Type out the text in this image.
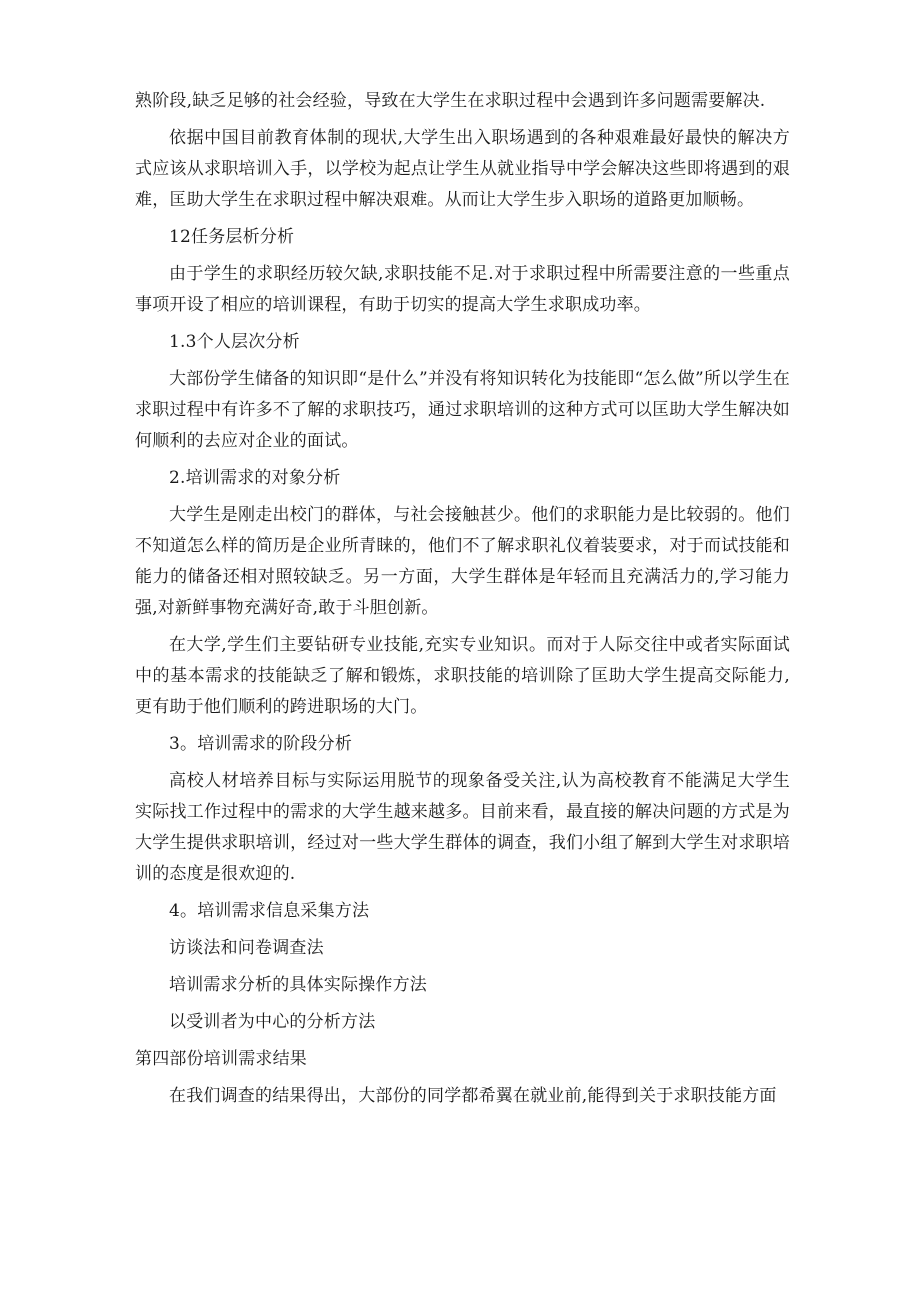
熟阶段,缺乏足够的社会经验，导致在大学生在求职过程中会遇到许多问题需要解决.

依据中国目前教育体制的现状,大学生出入职场遇到的各种艰难最好最快的解决方式应该从求职培训入手，以学校为起点让学生从就业指导中学会解决这些即将遇到的艰难，匡助大学生在求职过程中解决艰难。从而让大学生步入职场的道路更加顺畅。

12任务层析分析

由于学生的求职经历较欠缺,求职技能不足.对于求职过程中所需要注意的一些重点事项开设了相应的培训课程，有助于切实的提高大学生求职成功率。

1.3个人层次分析

大部份学生储备的知识即“是什么”并没有将知识转化为技能即“怎么做”所以学生在求职过程中有许多不了解的求职技巧，通过求职培训的这种方式可以匡助大学生解决如何顺利的去应对企业的面试。

2.培训需求的对象分析

大学生是刚走出校门的群体，与社会接触甚少。他们的求职能力是比较弱的。他们不知道怎么样的简历是企业所青睐的，他们不了解求职礼仪着装要求，对于而试技能和能力的储备还相对照较缺乏。另一方面，大学生群体是年轻而且充满活力的,学习能力强,对新鲜事物充满好奇,敢于斗胆创新。

在大学,学生们主要钻研专业技能,充实专业知识。而对于人际交往中或者实际面试中的基本需求的技能缺乏了解和锻炼，求职技能的培训除了匡助大学生提高交际能力,更有助于他们顺利的跨进职场的大门。

3。培训需求的阶段分析

高校人材培养目标与实际运用脱节的现象备受关注,认为高校教育不能满足大学生实际找工作过程中的需求的大学生越来越多。目前来看，最直接的解决问题的方式是为大学生提供求职培训，经过对一些大学生群体的调查，我们小组了解到大学生对求职培训的态度是很欢迎的.

4。培训需求信息采集方法

访谈法和问卷调查法

培训需求分析的具体实际操作方法

以受训者为中心的分析方法

第四部份培训需求结果

在我们调查的结果得出，大部份的同学都希翼在就业前,能得到关于求职技能方面
